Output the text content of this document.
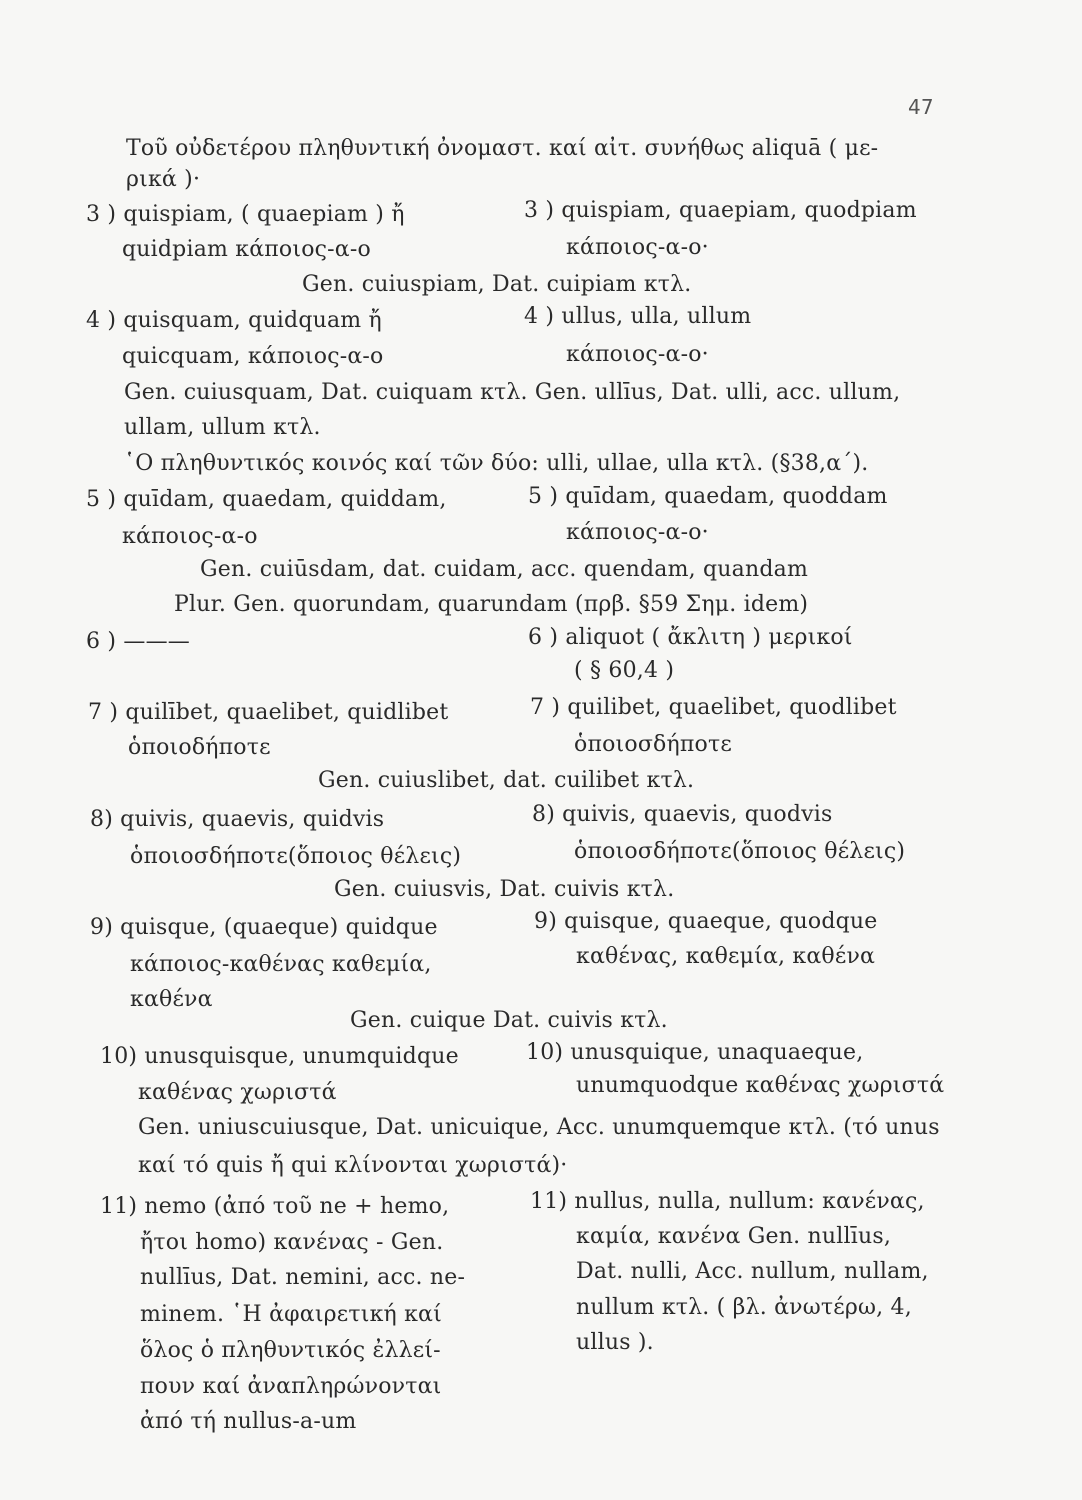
47
Τοῦ οὐδετέρου πληθυντική ὀνομαστ. καί αἰτ. συνήθως aliquā ( με-
ρικά )·
3 ) quispiam, ( quaepiam ) ἤ
quidpiam κάποιος-α-ο
3 ) quispiam, quaepiam, quodpiam
κάποιος-α-ο·
Gen. cuiuspiam, Dat. cuipiam κτλ.
4 ) quisquam, quidquam ἤ
quicquam, κάποιος-α-ο
4 ) ullus, ulla, ullum
κάποιος-α-ο·
Gen. cuiusquam, Dat. cuiquam κτλ. Gen. ullīus, Dat. ulli, acc. ullum,
ullam, ullum κτλ.
῾Ο πληθυντικός κοινός καί τῶν δύο: ulli, ullae, ulla κτλ. (§38,α΄).
5 ) quīdam, quaedam, quiddam,
κάποιος-α-ο
5 ) quīdam, quaedam, quoddam
κάποιος-α-ο·
Gen. cuiūsdam, dat. cuidam, acc. quendam, quandam
Plur. Gen. quorundam, quarundam (πρβ. §59 Σημ. idem)
6 ) ———	6 ) aliquot ( ἄκλιτη ) μερικοί
( § 60,4 )
7 ) quilībet, quaelibet, quidlibet
ὁποιοδήποτε
7 ) quilibet, quaelibet, quodlibet
ὁποιοσδήποτε
Gen. cuiuslibet, dat. cuilibet κτλ.
8) quivis, quaevis, quidvis
ὁποιοσδήποτε(ὅποιος θέλεις)
8) quivis, quaevis, quodvis
ὁποιοσδήποτε(ὅποιος θέλεις)
Gen. cuiusvis, Dat. cuivis κτλ.
9) quisque, (quaeque) quidque
κάποιος-καθένας καθεμία,
καθένα
9) quisque, quaeque, quodque
καθένας, καθεμία, καθένα
Gen. cuique Dat. cuivis κτλ.
10) unusquisque, unumquidque
καθένας χωριστά
10) unusquique, unaquaeque,
unumquodque καθένας χωριστά
Gen. uniuscuiusque, Dat. unicuique, Acc. unumquemque κτλ. (τό unus
καί τό quis ἤ qui κλίνονται χωριστά)·
11) nemo (ἀπό τοῦ ne + hemo,
ἤτοι homo) κανένας - Gen.
nullīus, Dat. nemini, acc. ne-
minem. ῾Η ἀφαιρετική καί
ὅλος ὁ πληθυντικός ἐλλεί-
πουν καί ἀναπληρώνονται
ἀπό τή nullus-a-um
11) nullus, nulla, nullum: κανένας,
καμία, κανένα Gen. nullīus,
Dat. nulli, Acc. nullum, nullam,
nullum κτλ. ( βλ. ἀνωτέρω, 4,
ullus ).
